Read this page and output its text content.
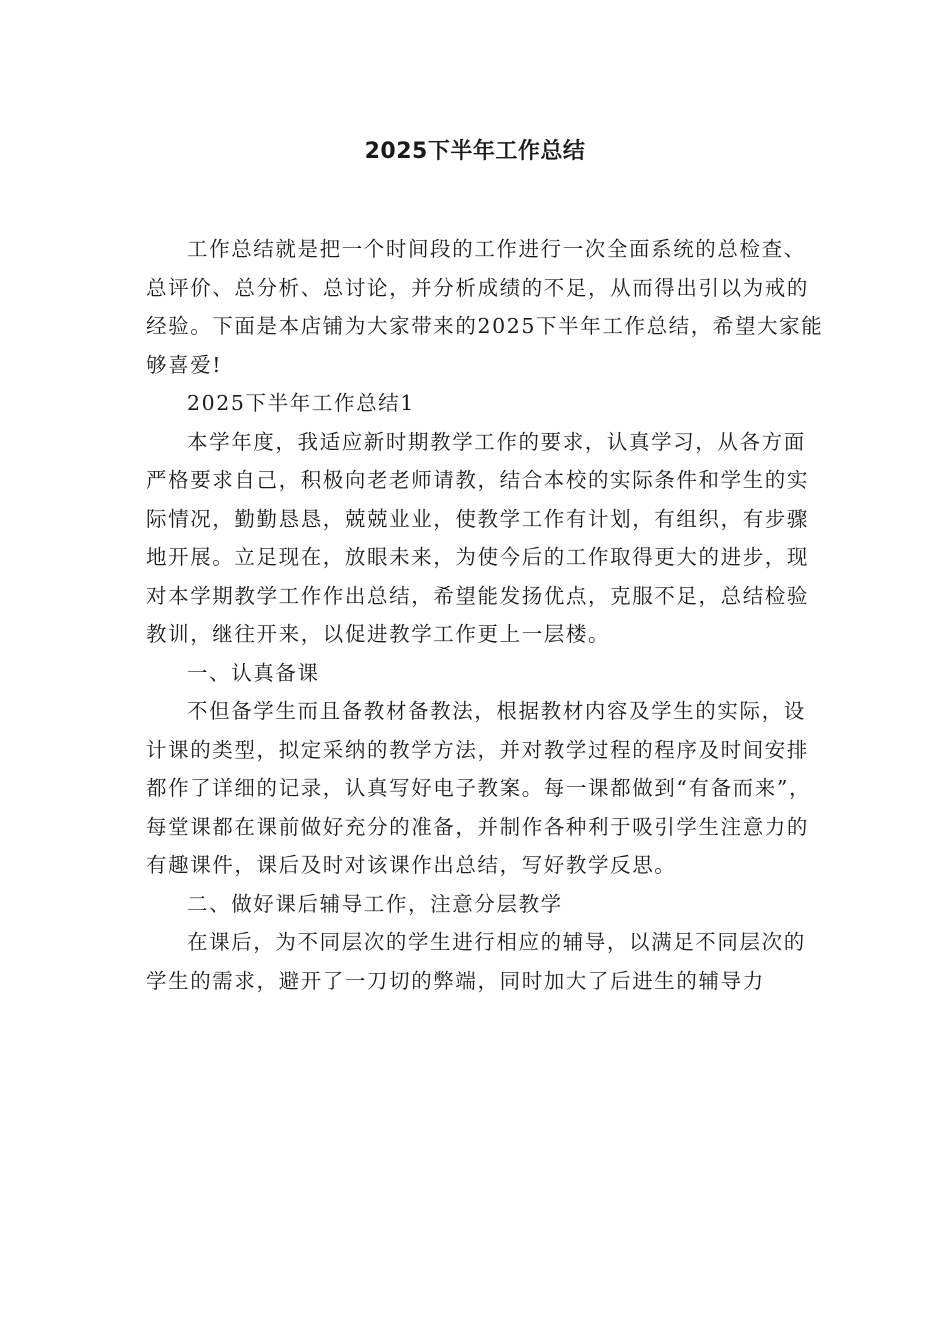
2025下半年工作总结

工作总结就是把一个时间段的工作进行一次全面系统的总检查、总评价、总分析、总讨论，并分析成绩的不足，从而得出引以为戒的经验。下面是本店铺为大家带来的2025下半年工作总结，希望大家能够喜爱!

2025下半年工作总结1

本学年度，我适应新时期教学工作的要求，认真学习，从各方面严格要求自己，积极向老老师请教，结合本校的实际条件和学生的实际情况，勤勤恳恳，兢兢业业，使教学工作有计划，有组织，有步骤地开展。立足现在，放眼未来，为使今后的工作取得更大的进步，现对本学期教学工作作出总结，希望能发扬优点，克服不足，总结检验教训，继往开来，以促进教学工作更上一层楼。

一、认真备课

不但备学生而且备教材备教法，根据教材内容及学生的实际，设计课的类型，拟定采纳的教学方法，并对教学过程的程序及时间安排都作了详细的记录，认真写好电子教案。每一课都做到“有备而来”，每堂课都在课前做好充分的准备，并制作各种利于吸引学生注意力的有趣课件，课后及时对该课作出总结，写好教学反思。

二、做好课后辅导工作，注意分层教学

在课后，为不同层次的学生进行相应的辅导，以满足不同层次的学生的需求，避开了一刀切的弊端，同时加大了后进生的辅导力
